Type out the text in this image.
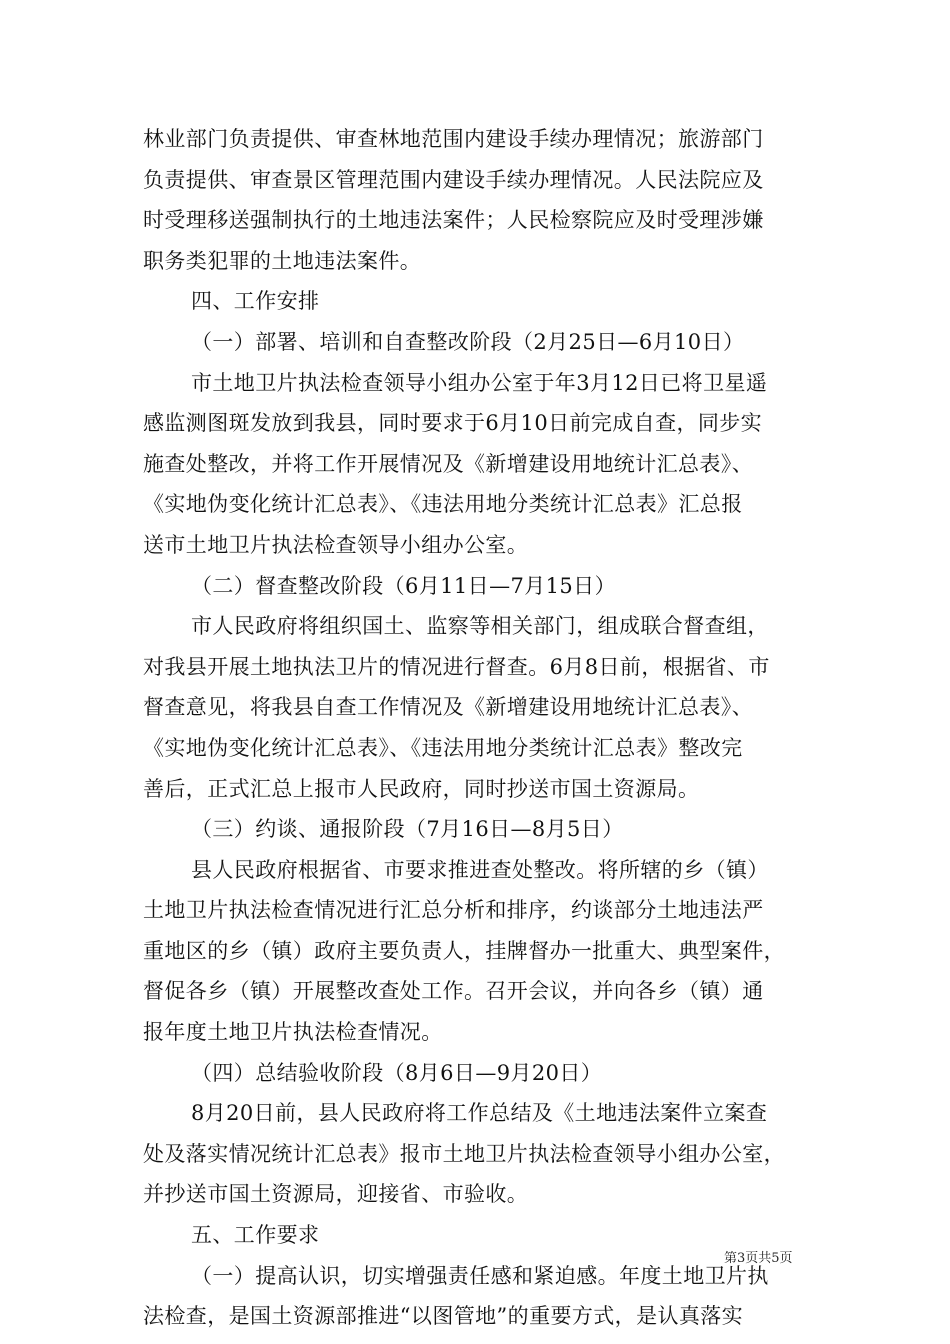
林业部门负责提供、审查林地范围内建设手续办理情况；旅游部门
负责提供、审查景区管理范围内建设手续办理情况。人民法院应及
时受理移送强制执行的土地违法案件；人民检察院应及时受理涉嫌
职务类犯罪的土地违法案件。
四、工作安排
（一）部署、培训和自查整改阶段（2月25日—6月10日）
市土地卫片执法检查领导小组办公室于年3月12日已将卫星遥
感监测图斑发放到我县，同时要求于6月10日前完成自查，同步实
施查处整改，并将工作开展情况及《新增建设用地统计汇总表》、
《实地伪变化统计汇总表》、《违法用地分类统计汇总表》汇总报
送市土地卫片执法检查领导小组办公室。
（二）督查整改阶段（6月11日—7月15日）
市人民政府将组织国土、监察等相关部门，组成联合督查组，
对我县开展土地执法卫片的情况进行督查。6月8日前，根据省、市
督查意见，将我县自查工作情况及《新增建设用地统计汇总表》、
《实地伪变化统计汇总表》、《违法用地分类统计汇总表》整改完
善后，正式汇总上报市人民政府，同时抄送市国土资源局。
（三）约谈、通报阶段（7月16日—8月5日）
县人民政府根据省、市要求推进查处整改。将所辖的乡（镇）
土地卫片执法检查情况进行汇总分析和排序，约谈部分土地违法严
重地区的乡（镇）政府主要负责人，挂牌督办一批重大、典型案件，
督促各乡（镇）开展整改查处工作。召开会议，并向各乡（镇）通
报年度土地卫片执法检查情况。
（四）总结验收阶段（8月6日—9月20日）
8月20日前，县人民政府将工作总结及《土地违法案件立案查
处及落实情况统计汇总表》报市土地卫片执法检查领导小组办公室，
并抄送市国土资源局，迎接省、市验收。
五、工作要求
（一）提高认识，切实增强责任感和紧迫感。年度土地卫片执
法检查，是国土资源部推进“以图管地”的重要方式，是认真落实
第3页共5页
